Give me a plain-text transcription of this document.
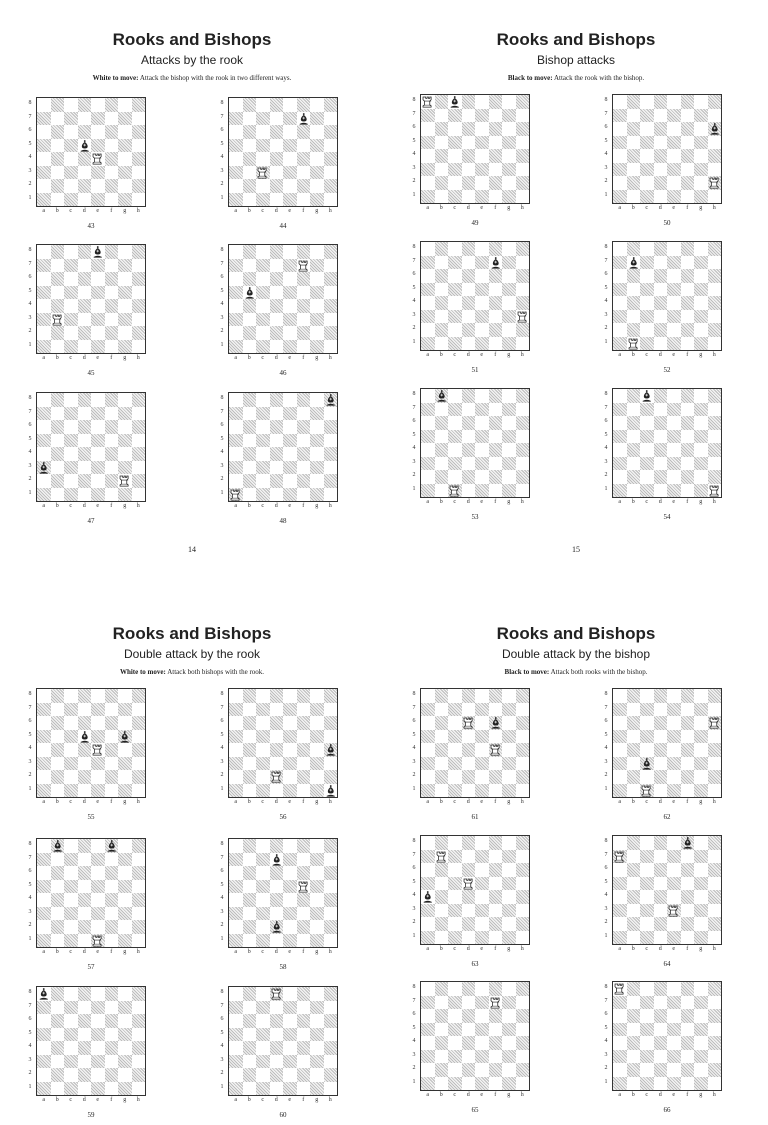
Rooks and Bishops
Attacks by the rook
White to move: Attack the bishop with the rook in two different ways.
14
Rooks and Bishops
Bishop attacks
Black to move: Attack the rook with the bishop.
15
Rooks and Bishops
Double attack by the rook
White to move: Attack both bishops with the rook.
Rooks and Bishops
Double attack by the bishop
Black to move: Attack both rooks with the bishop.
8
7
6
5
4
3
2
1
a	b	c	d	e	f	g	h
43
8
7
6
5
4
3
2
1
a	b	c	d	e	f	g	h
44
8
7
6
5
4
3
2
1
a	b	c	d	e	f	g	h
45
8
7
6
5
4
3
2
1
a	b	c	d	e	f	g	h
46
8
7
6
5
4
3
2
1
a	b	c	d	e	f	g	h
47
8
7
6
5
4
3
2
1
a	b	c	d	e	f	g	h
48
8
7
6
5
4
3
2
1
a	b	c	d	e	f	g	h
49
8
7
6
5
4
3
2
1
a	b	c	d	e	f	g	h
50
8
7
6
5
4
3
2
1
a	b	c	d	e	f	g	h
51
8
7
6
5
4
3
2
1
a	b	c	d	e	f	g	h
52
8
7
6
5
4
3
2
1
a	b	c	d	e	f	g	h
53
8
7
6
5
4
3
2
1
a	b	c	d	e	f	g	h
54
8
7
6
5
4
3
2
1
a	b	c	d	e	f	g	h
55
8
7
6
5
4
3
2
1
a	b	c	d	e	f	g	h
56
8
7
6
5
4
3
2
1
a	b	c	d	e	f	g	h
57
8
7
6
5
4
3
2
1
a	b	c	d	e	f	g	h
58
8
7
6
5
4
3
2
1
a	b	c	d	e	f	g	h
59
8
7
6
5
4
3
2
1
a	b	c	d	e	f	g	h
60
8
7
6
5
4
3
2
1
a	b	c	d	e	f	g	h
61
8
7
6
5
4
3
2
1
a	b	c	d	e	f	g	h
62
8
7
6
5
4
3
2
1
a	b	c	d	e	f	g	h
63
8
7
6
5
4
3
2
1
a	b	c	d	e	f	g	h
64
8
7
6
5
4
3
2
1
a	b	c	d	e	f	g	h
65
8
7
6
5
4
3
2
1
a	b	c	d	e	f	g	h
66
